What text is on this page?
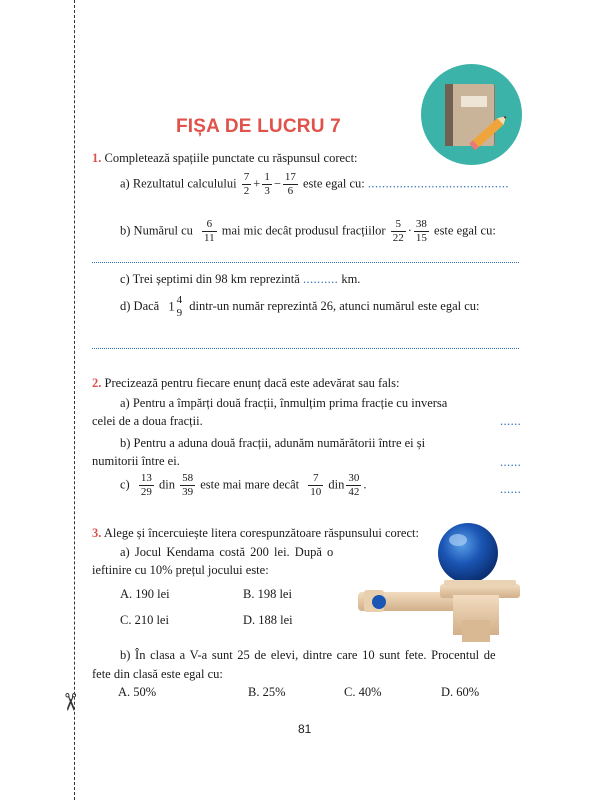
✂
FIȘA DE LUCRU 7
1. Completează spațiile punctate cu răspunsul corect:
a) Rezultatul calculului $\frac{7}{2} + \frac{1}{3} - \frac{17}{6}$ este egal cu: ........................................
b) Numărul cu $\frac{6}{11}$ mai mic decât produsul fracțiilor $\frac{5}{22} \cdot \frac{38}{15}$ este egal cu:
c) Trei șeptimi din 98 km reprezintă .......... km.
d) Dacă 1 4
9
dintr-un număr reprezintă 26, atunci numărul este egal cu:
2. Precizează pentru fiecare enunț dacă este adevărat sau fals:
a) Pentru a împărți două fracții, înmulțim prima fracție cu inversa
celei de a doua fracții.	......
b) Pentru a aduna două fracții, adunăm numărătorii între ei și
numitorii între ei.	......
$c) \frac{13}{29}$ din $\frac{58}{39}$ este mai mare decât $\frac{7}{10}$ din $\frac{30}{42}$ .	......
3. Alege și încercuiește litera corespunzătoare răspunsului corect:
a) Jocul Kendama costă 200 lei. După o
ieftinire cu 10% prețul jocului este:
A. 190 lei	B. 198 lei
C. 210 lei	D. 188 lei
b) În clasa a V-a sunt 25 de elevi, dintre care 10 sunt fete. Procentul de
fete din clasă este egal cu:
A. 50%	B. 25%	C. 40%	D. 60%
81
